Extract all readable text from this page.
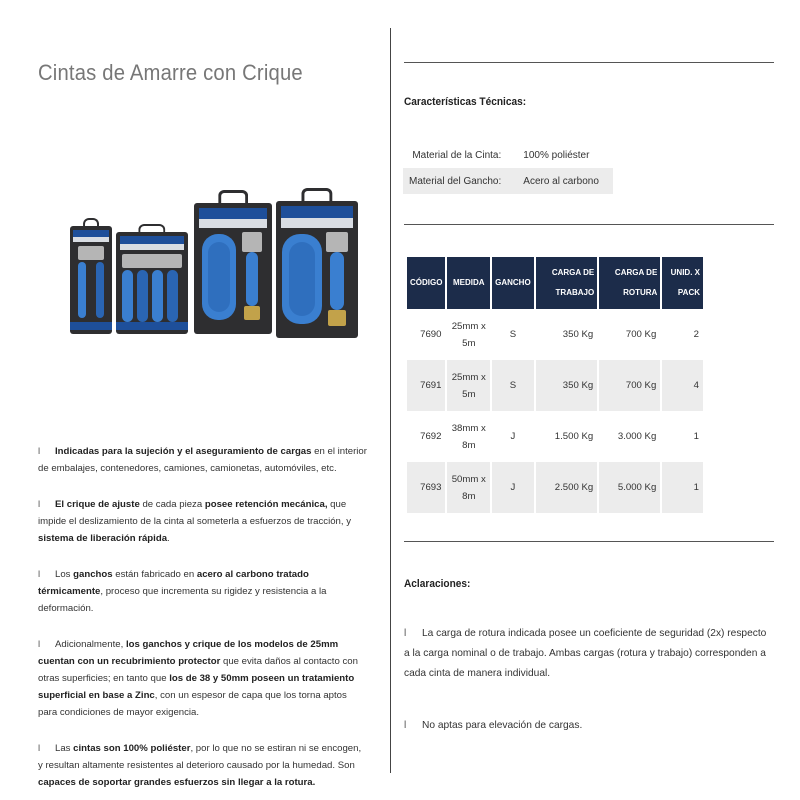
Cintas de Amarre con Crique
l Indicadas para la sujeción y el aseguramiento de cargas en el interior de embalajes, contenedores, camiones, camionetas, automóviles, etc.
l El crique de ajuste de cada pieza posee retención mecánica, que impide el deslizamiento de la cinta al someterla a esfuerzos de tracción, y sistema de liberación rápida.
l Los ganchos están fabricado en acero al carbono tratado térmicamente, proceso que incrementa su rigidez y resistencia a la deformación.
l Adicionalmente, los ganchos y crique de los modelos de 25mm cuentan con un recubrimiento protector que evita daños al contacto con otras superficies; en tanto que los de 38 y 50mm poseen un tratamiento superficial en base a Zinc, con un espesor de capa que los torna aptos para condiciones de mayor exigencia.
l Las cintas son 100% poliéster, por lo que no se estiran ni se encogen, y resultan altamente resistentes al deterioro causado por la humedad. Son capaces de soportar grandes esfuerzos sin llegar a la rotura.
Características Técnicas:
Material de la Cinta:	100% poliéster
Material del Gancho:	Acero al carbono
CÓDIGO	MEDIDA	GANCHO	CARGA DE TRABAJO	CARGA DE ROTURA	UNID. X PACK
7690	25mm x 5m	S	350 Kg	700 Kg	2
7691	25mm x 5m	S	350 Kg	700 Kg	4
7692	38mm x 8m	J	1.500 Kg	3.000 Kg	1
7693	50mm x 8m	J	2.500 Kg	5.000 Kg	1
Aclaraciones:
l La carga de rotura indicada posee un coeficiente de seguridad (2x) respecto a la carga nominal o de trabajo. Ambas cargas (rotura y trabajo) corresponden a cada cinta de manera individual.
l No aptas para elevación de cargas.
